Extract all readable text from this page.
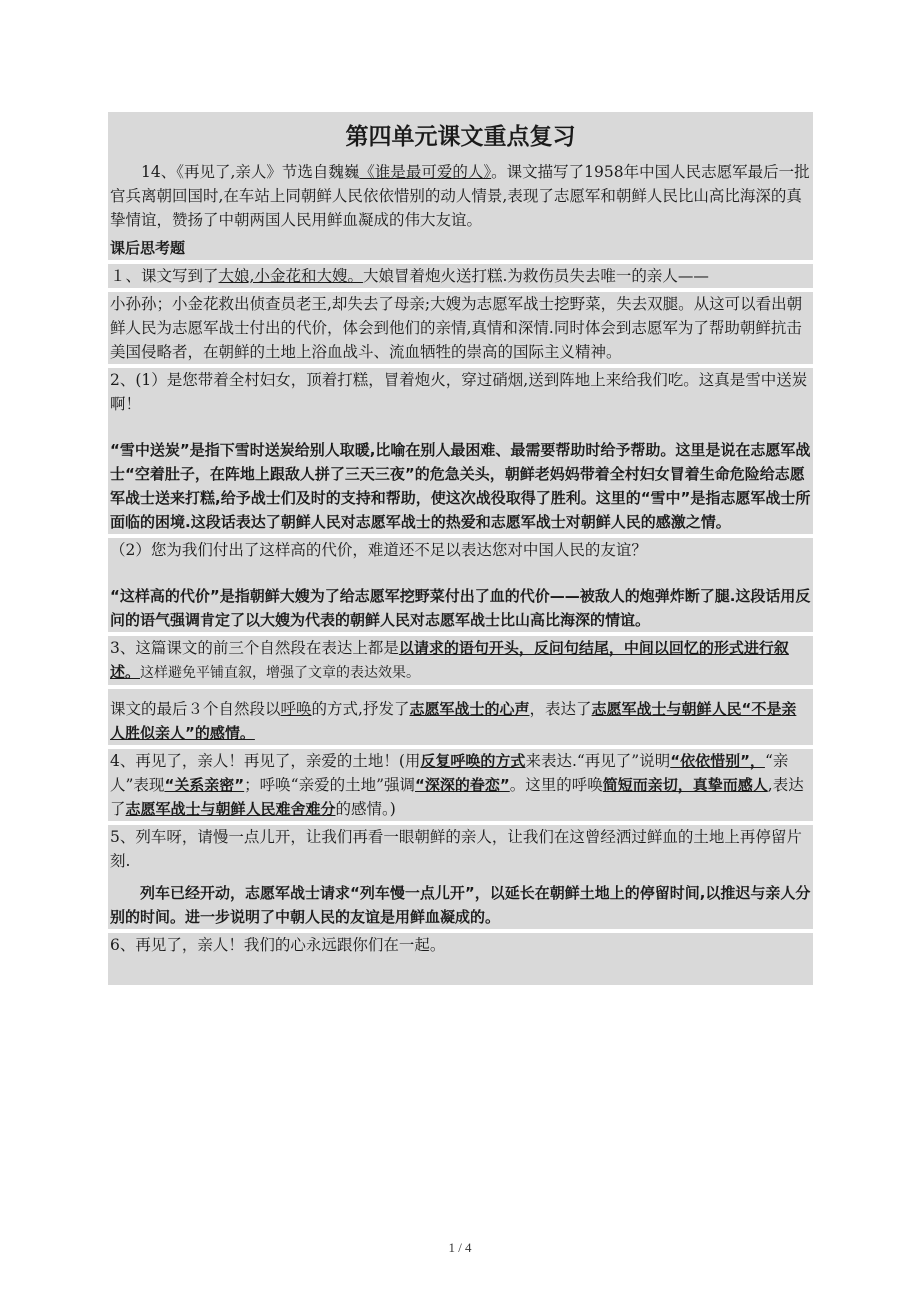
第四单元课文重点复习

14、《再见了,亲人》节选自魏巍《谁是最可爱的人》。课文描写了1958年中国人民志愿军最后一批官兵离朝回国时,在车站上同朝鲜人民依依惜别的动人情景,表现了志愿军和朝鲜人民比山高比海深的真挚情谊，赞扬了中朝两国人民用鲜血凝成的伟大友谊。

课后思考题

１、课文写到了大娘,小金花和大嫂。大娘冒着炮火送打糕.为救伤员失去唯一的亲人——

小孙孙；小金花救出侦查员老王,却失去了母亲;大嫂为志愿军战士挖野菜，失去双腿。从这可以看出朝鲜人民为志愿军战士付出的代价，体会到他们的亲情,真情和深情.同时体会到志愿军为了帮助朝鲜抗击美国侵略者，在朝鲜的土地上浴血战斗、流血牺牲的崇高的国际主义精神。

2、(1）是您带着全村妇女，顶着打糕，冒着炮火，穿过硝烟,送到阵地上来给我们吃。这真是雪中送炭啊！

“雪中送炭”是指下雪时送炭给别人取暖,比喻在别人最困难、最需要帮助时给予帮助。这里是说在志愿军战士“空着肚子，在阵地上跟敌人拼了三天三夜”的危急关头，朝鲜老妈妈带着全村妇女冒着生命危险给志愿军战士送来打糕,给予战士们及时的支持和帮助，使这次战役取得了胜利。这里的“雪中”是指志愿军战士所面临的困境.这段话表达了朝鲜人民对志愿军战士的热爱和志愿军战士对朝鲜人民的感激之情。

（2）您为我们付出了这样高的代价，难道还不足以表达您对中国人民的友谊？

“这样高的代价”是指朝鲜大嫂为了给志愿军挖野菜付出了血的代价——被敌人的炮弹炸断了腿.这段话用反问的语气强调肯定了以大嫂为代表的朝鲜人民对志愿军战士比山高比海深的情谊。

3、这篇课文的前三个自然段在表达上都是以请求的语句开头，反问句结尾，中间以回忆的形式进行叙述。这样避免平铺直叙，增强了文章的表达效果。

课文的最后３个自然段以呼唤的方式,抒发了志愿军战士的心声，表达了志愿军战士与朝鲜人民“不是亲人胜似亲人”的感情。

4、再见了，亲人！再见了，亲爱的土地！(用反复呼唤的方式来表达.“再见了”说明“依依惜别”，“亲人”表现“关系亲密”；呼唤“亲爱的土地”强调“深深的眷恋”。这里的呼唤简短而亲切，真挚而感人,表达了志愿军战士与朝鲜人民难舍难分的感情。)

5、列车呀，请慢一点儿开，让我们再看一眼朝鲜的亲人，让我们在这曾经洒过鲜血的土地上再停留片刻.

列车已经开动，志愿军战士请求“列车慢一点儿开”，以延长在朝鲜土地上的停留时间,以推迟与亲人分别的时间。进一步说明了中朝人民的友谊是用鲜血凝成的。

6、再见了，亲人！我们的心永远跟你们在一起。

1 / 4
